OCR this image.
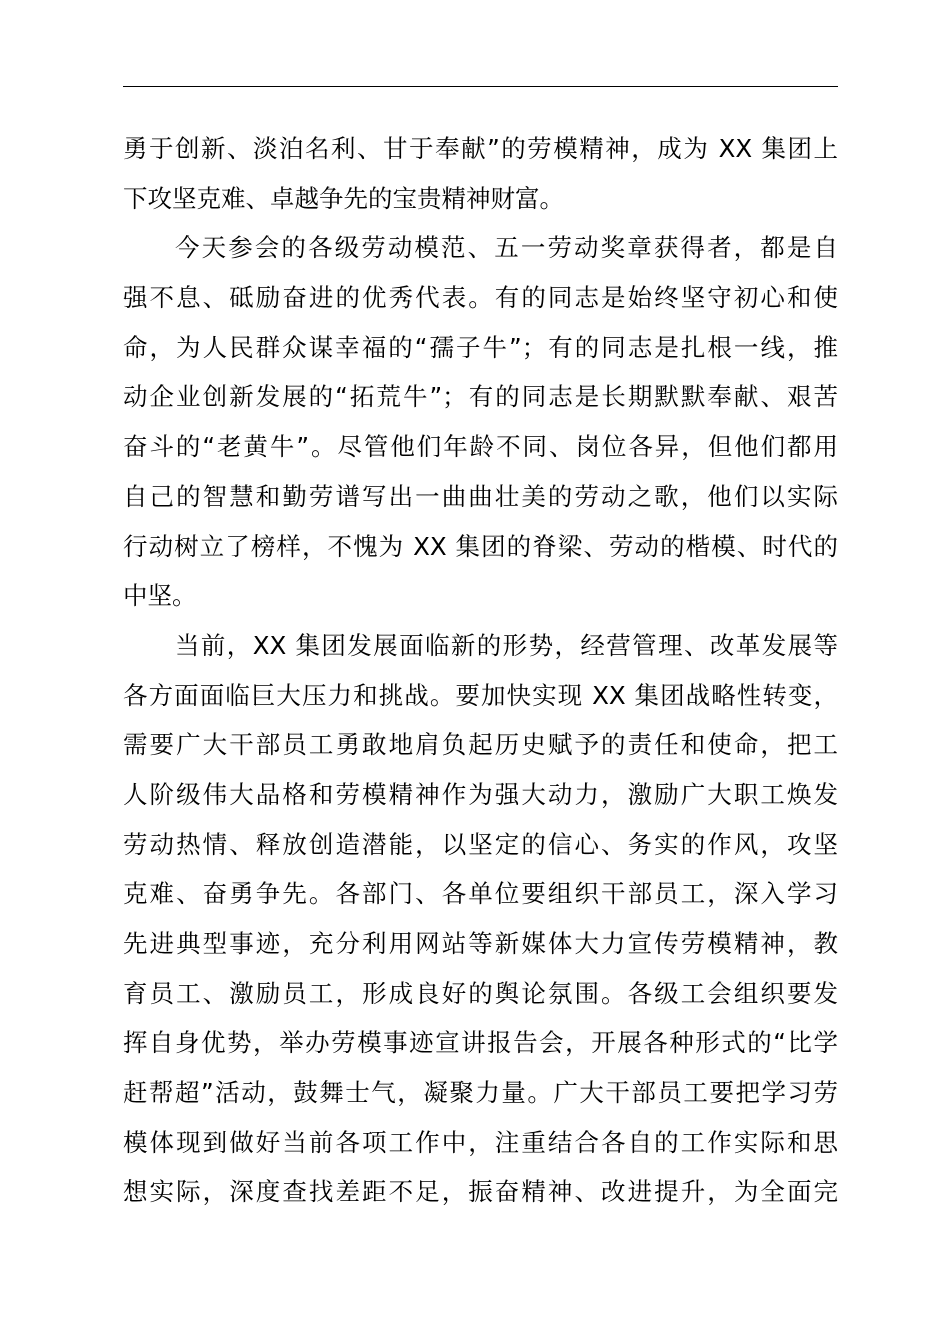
勇于创新、淡泊名利、甘于奉献”的劳模精神，成为 XX 集团上
下攻坚克难、卓越争先的宝贵精神财富。
今天参会的各级劳动模范、五一劳动奖章获得者，都是自
强不息、砥励奋进的优秀代表。有的同志是始终坚守初心和使
命，为人民群众谋幸福的“孺子牛”；有的同志是扎根一线，推
动企业创新发展的“拓荒牛”；有的同志是长期默默奉献、艰苦
奋斗的“老黄牛”。尽管他们年龄不同、岗位各异，但他们都用
自己的智慧和勤劳谱写出一曲曲壮美的劳动之歌，他们以实际
行动树立了榜样，不愧为 XX 集团的脊梁、劳动的楷模、时代的
中坚。
当前，XX 集团发展面临新的形势，经营管理、改革发展等
各方面面临巨大压力和挑战。要加快实现 XX 集团战略性转变，
需要广大干部员工勇敢地肩负起历史赋予的责任和使命，把工
人阶级伟大品格和劳模精神作为强大动力，激励广大职工焕发
劳动热情、释放创造潜能，以坚定的信心、务实的作风，攻坚
克难、奋勇争先。各部门、各单位要组织干部员工，深入学习
先进典型事迹，充分利用网站等新媒体大力宣传劳模精神，教
育员工、激励员工，形成良好的舆论氛围。各级工会组织要发
挥自身优势，举办劳模事迹宣讲报告会，开展各种形式的“比学
赶帮超”活动，鼓舞士气，凝聚力量。广大干部员工要把学习劳
模体现到做好当前各项工作中，注重结合各自的工作实际和思
想实际，深度查找差距不足，振奋精神、改进提升，为全面完
